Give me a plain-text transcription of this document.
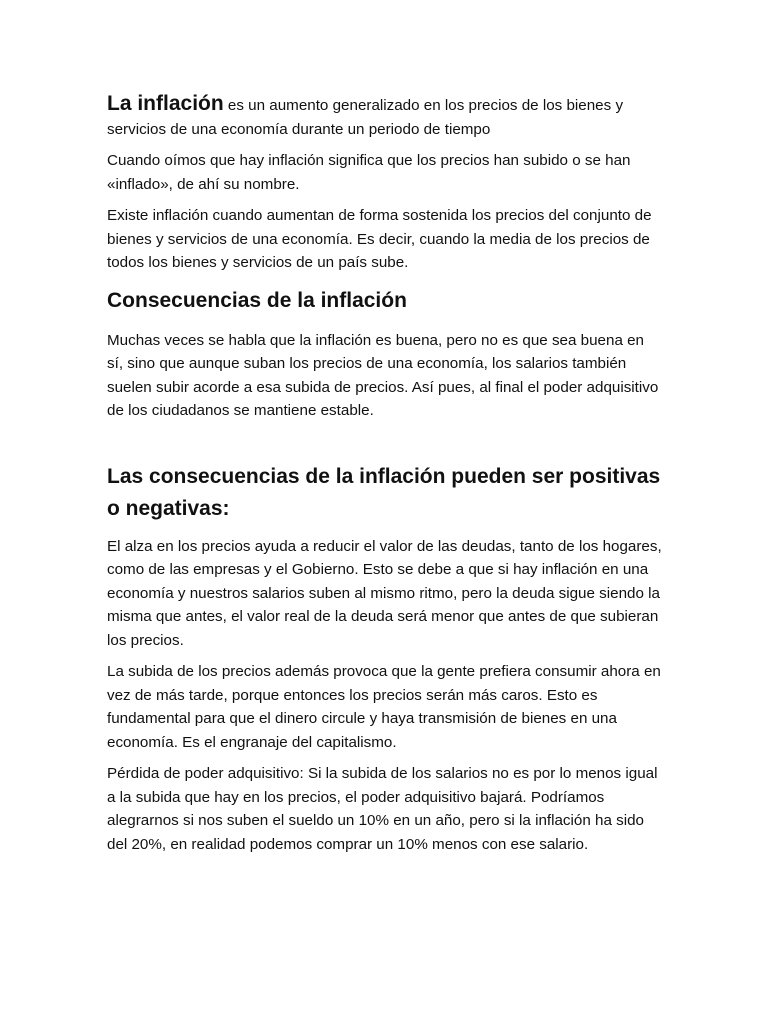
La inflación es un aumento generalizado en los precios de los bienes y servicios de una economía durante un periodo de tiempo

Cuando oímos que hay inflación significa que los precios han subido o se han «inflado», de ahí su nombre.

Existe inflación cuando aumentan de forma sostenida los precios del conjunto de bienes y servicios de una economía. Es decir, cuando la media de los precios de todos los bienes y servicios de un país sube.

Consecuencias de la inflación

Muchas veces se habla que la inflación es buena, pero no es que sea buena en sí, sino que aunque suban los precios de una economía, los salarios también suelen subir acorde a esa subida de precios. Así pues, al final el poder adquisitivo de los ciudadanos se mantiene estable.

Las consecuencias de la inflación pueden ser positivas o negativas:

El alza en los precios ayuda a reducir el valor de las deudas, tanto de los hogares, como de las empresas y el Gobierno. Esto se debe a que si hay inflación en una economía y nuestros salarios suben al mismo ritmo, pero la deuda sigue siendo la misma que antes, el valor real de la deuda será menor que antes de que subieran los precios.

La subida de los precios además provoca que la gente prefiera consumir ahora en vez de más tarde, porque entonces los precios serán más caros. Esto es fundamental para que el dinero circule y haya transmisión de bienes en una economía. Es el engranaje del capitalismo.

Pérdida de poder adquisitivo: Si la subida de los salarios no es por lo menos igual a la subida que hay en los precios, el poder adquisitivo bajará. Podríamos alegrarnos si nos suben el sueldo un 10% en un año, pero si la inflación ha sido del 20%, en realidad podemos comprar un 10% menos con ese salario.
